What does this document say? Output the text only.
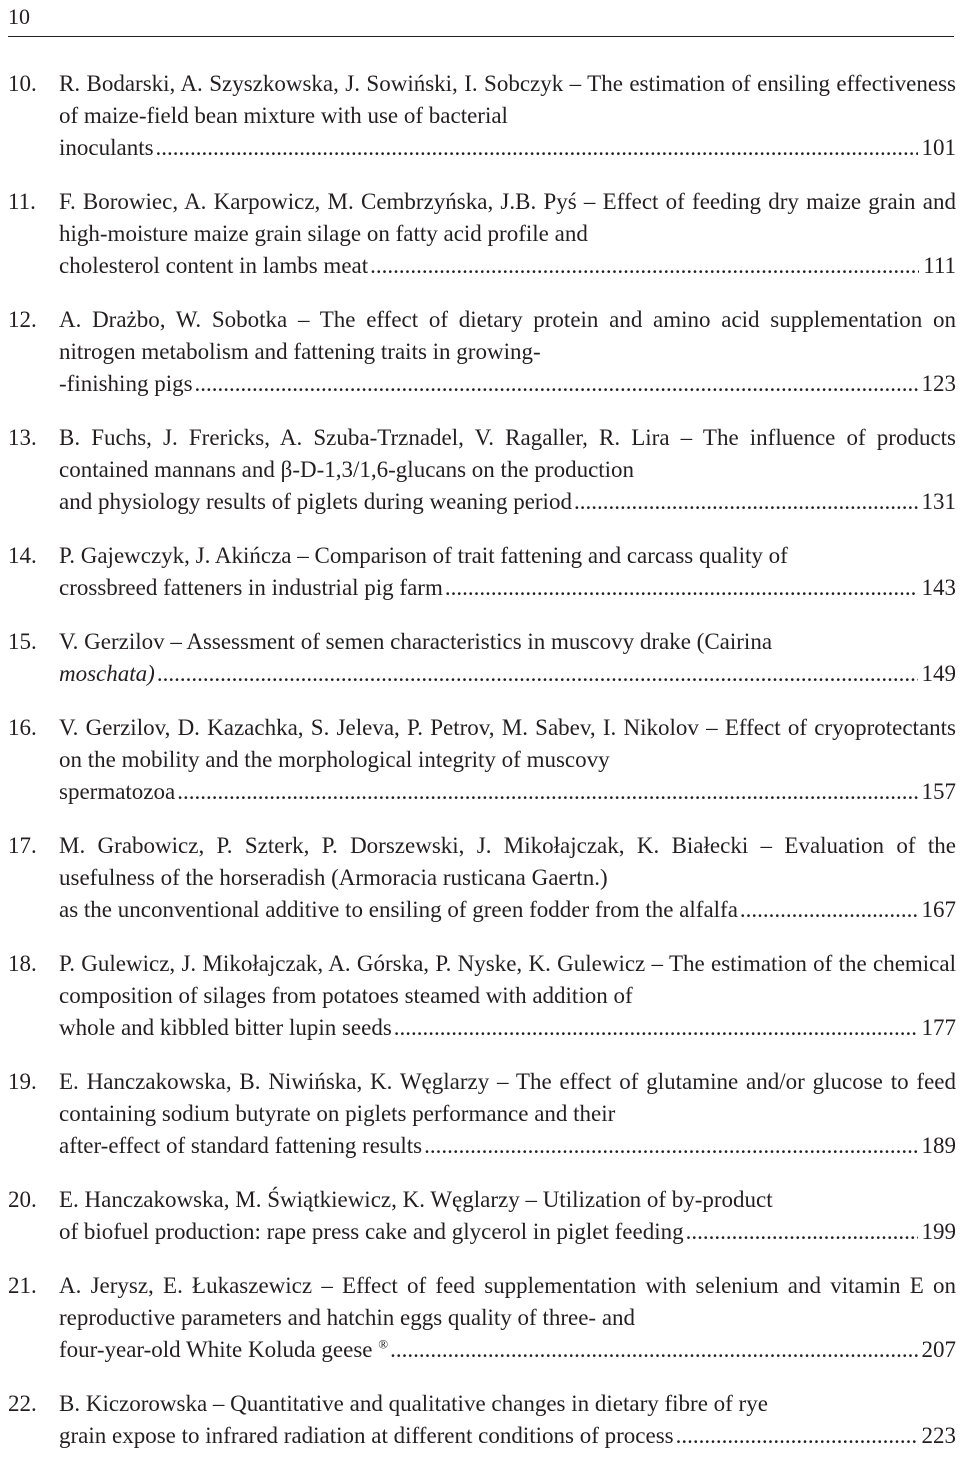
10
10. R. Bodarski, A. Szyszkowska, J. Sowiński, I. Sobczyk – The estimation of ensiling effectiveness of maize-field bean mixture with use of bacterial
inoculants .....	101
11. F. Borowiec, A. Karpowicz, M. Cembrzyńska, J.B. Pyś – Effect of feeding dry maize grain and high-moisture maize grain silage on fatty acid profile and
cholesterol content in lambs meat .....	111
12. A. Drażbo, W. Sobotka – The effect of dietary protein and amino acid supplementation on nitrogen metabolism and fattening traits in growing-
-finishing pigs .....	123
13. B. Fuchs, J. Frericks, A. Szuba-Trznadel, V. Ragaller, R. Lira – The influence of products contained mannans and β-D-1,3/1,6-glucans on the production
and physiology results of piglets during weaning period .....	131
14. P. Gajewczyk, J. Akińcza – Comparison of trait fattening and carcass quality of
crossbreed fatteners in industrial pig farm .....	143
15. V. Gerzilov – Assessment of semen characteristics in muscovy drake (Cairina
moschata) .....	149
16. V. Gerzilov, D. Kazachka, S. Jeleva, P. Petrov, M. Sabev, I. Nikolov – Effect of cryoprotectants on the mobility and the morphological integrity of muscovy
spermatozoa .....	157
17. M. Grabowicz, P. Szterk, P. Dorszewski, J. Mikołajczak, K. Białecki – Evaluation of the usefulness of the horseradish (Armoracia rusticana Gaertn.)
as the unconventional additive to ensiling of green fodder from the alfalfa .....	167
18. P. Gulewicz, J. Mikołajczak, A. Górska, P. Nyske, K. Gulewicz – The estimation of the chemical composition of silages from potatoes steamed with addition of
whole and kibbled bitter lupin seeds .....	177
19. E. Hanczakowska, B. Niwińska, K. Węglarzy – The effect of glutamine and/or glucose to feed containing sodium butyrate on piglets performance and their
after-effect of standard fattening results .....	189
20. E. Hanczakowska, M. Świątkiewicz, K. Węglarzy – Utilization of by-product
of biofuel production: rape press cake and glycerol in piglet feeding .....	199
21. A. Jerysz, E. Łukaszewicz – Effect of feed supplementation with selenium and vitamin E on reproductive parameters and hatchin eggs quality of three- and
four-year-old White Koluda geese ® .....	207
22. B. Kiczorowska – Quantitative and qualitative changes in dietary fibre of rye
grain expose to infrared radiation at different conditions of process .....	223
